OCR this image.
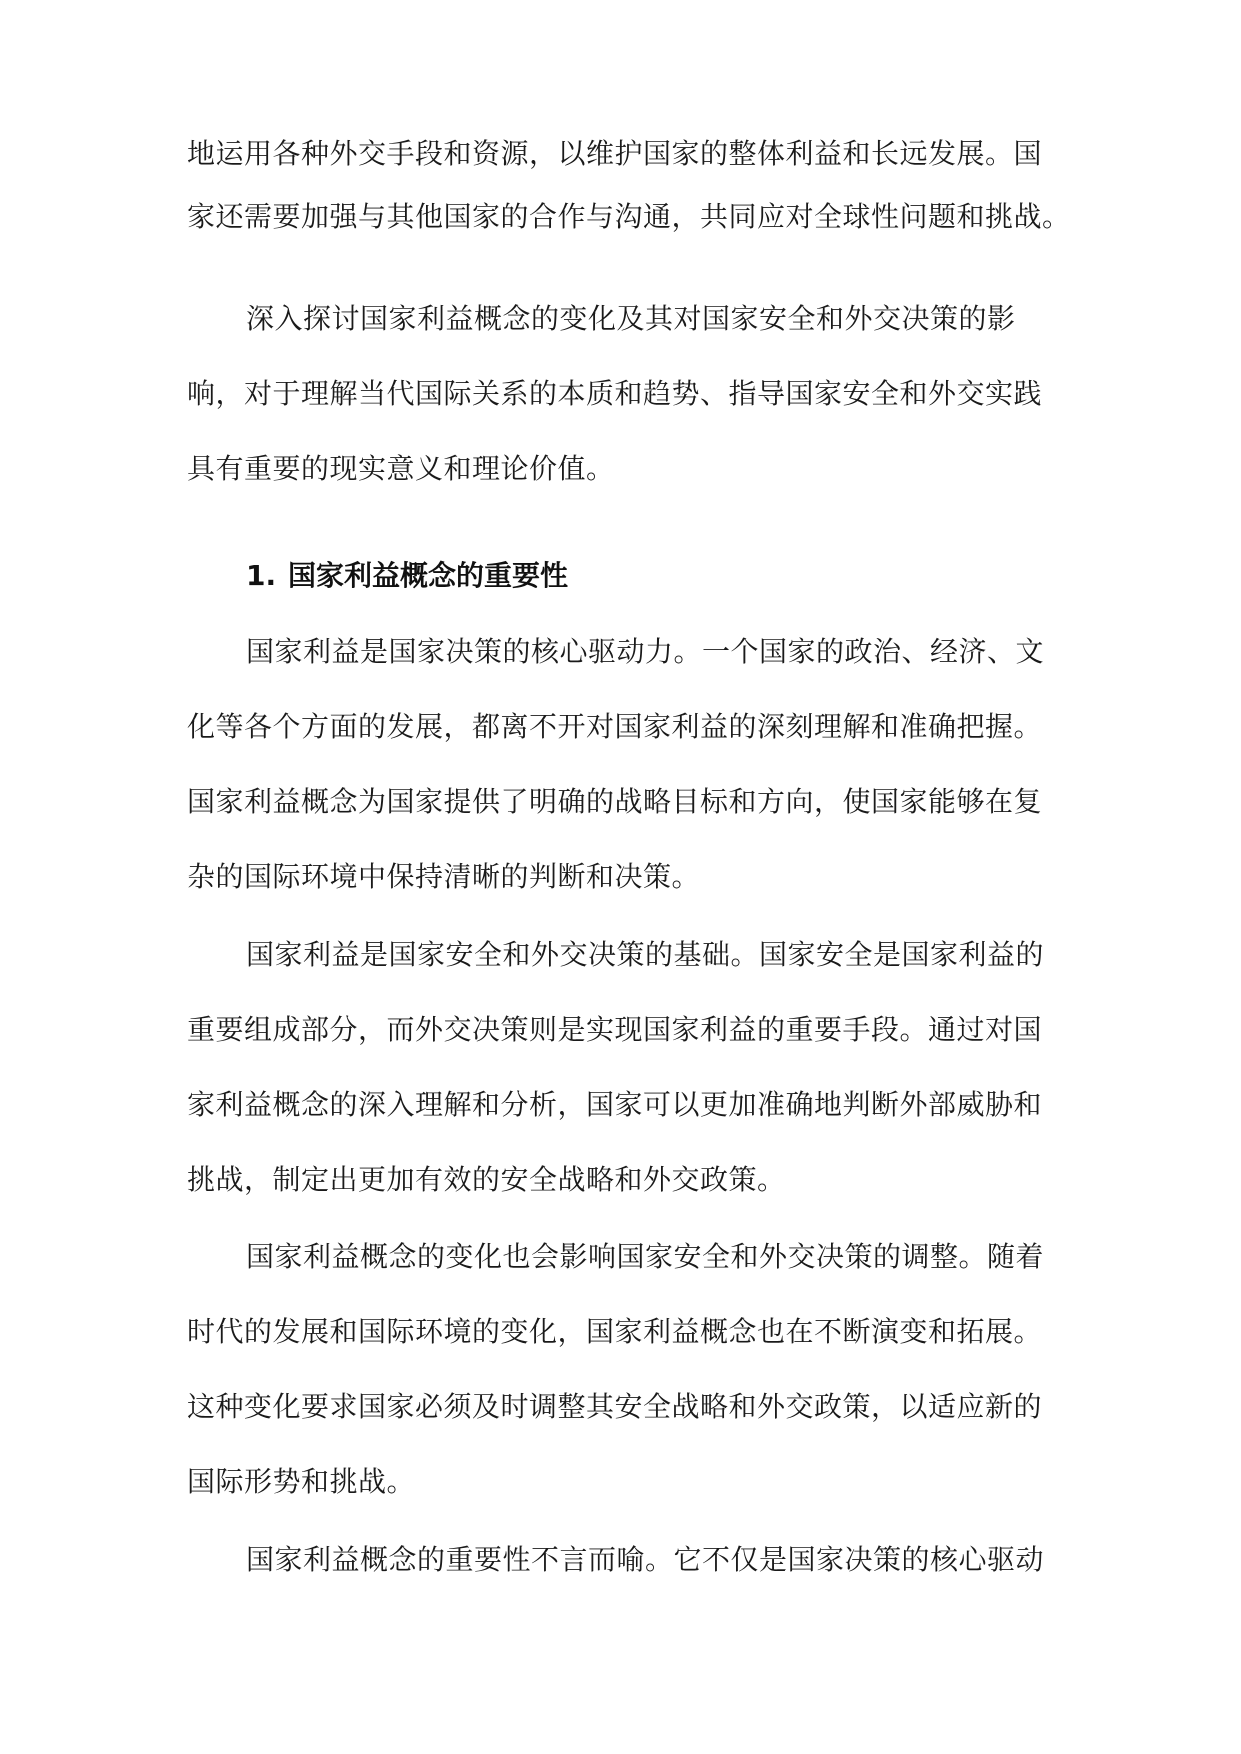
地运用各种外交手段和资源，以维护国家的整体利益和长远发展。国
家还需要加强与其他国家的合作与沟通，共同应对全球性问题和挑战。
深入探讨国家利益概念的变化及其对国家安全和外交决策的影
响，对于理解当代国际关系的本质和趋势、指导国家安全和外交实践
具有重要的现实意义和理论价值。
1. 国家利益概念的重要性
国家利益是国家决策的核心驱动力。一个国家的政治、经济、文
化等各个方面的发展，都离不开对国家利益的深刻理解和准确把握。
国家利益概念为国家提供了明确的战略目标和方向，使国家能够在复
杂的国际环境中保持清晰的判断和决策。
国家利益是国家安全和外交决策的基础。国家安全是国家利益的
重要组成部分，而外交决策则是实现国家利益的重要手段。通过对国
家利益概念的深入理解和分析，国家可以更加准确地判断外部威胁和
挑战，制定出更加有效的安全战略和外交政策。
国家利益概念的变化也会影响国家安全和外交决策的调整。随着
时代的发展和国际环境的变化，国家利益概念也在不断演变和拓展。
这种变化要求国家必须及时调整其安全战略和外交政策，以适应新的
国际形势和挑战。
国家利益概念的重要性不言而喻。它不仅是国家决策的核心驱动
